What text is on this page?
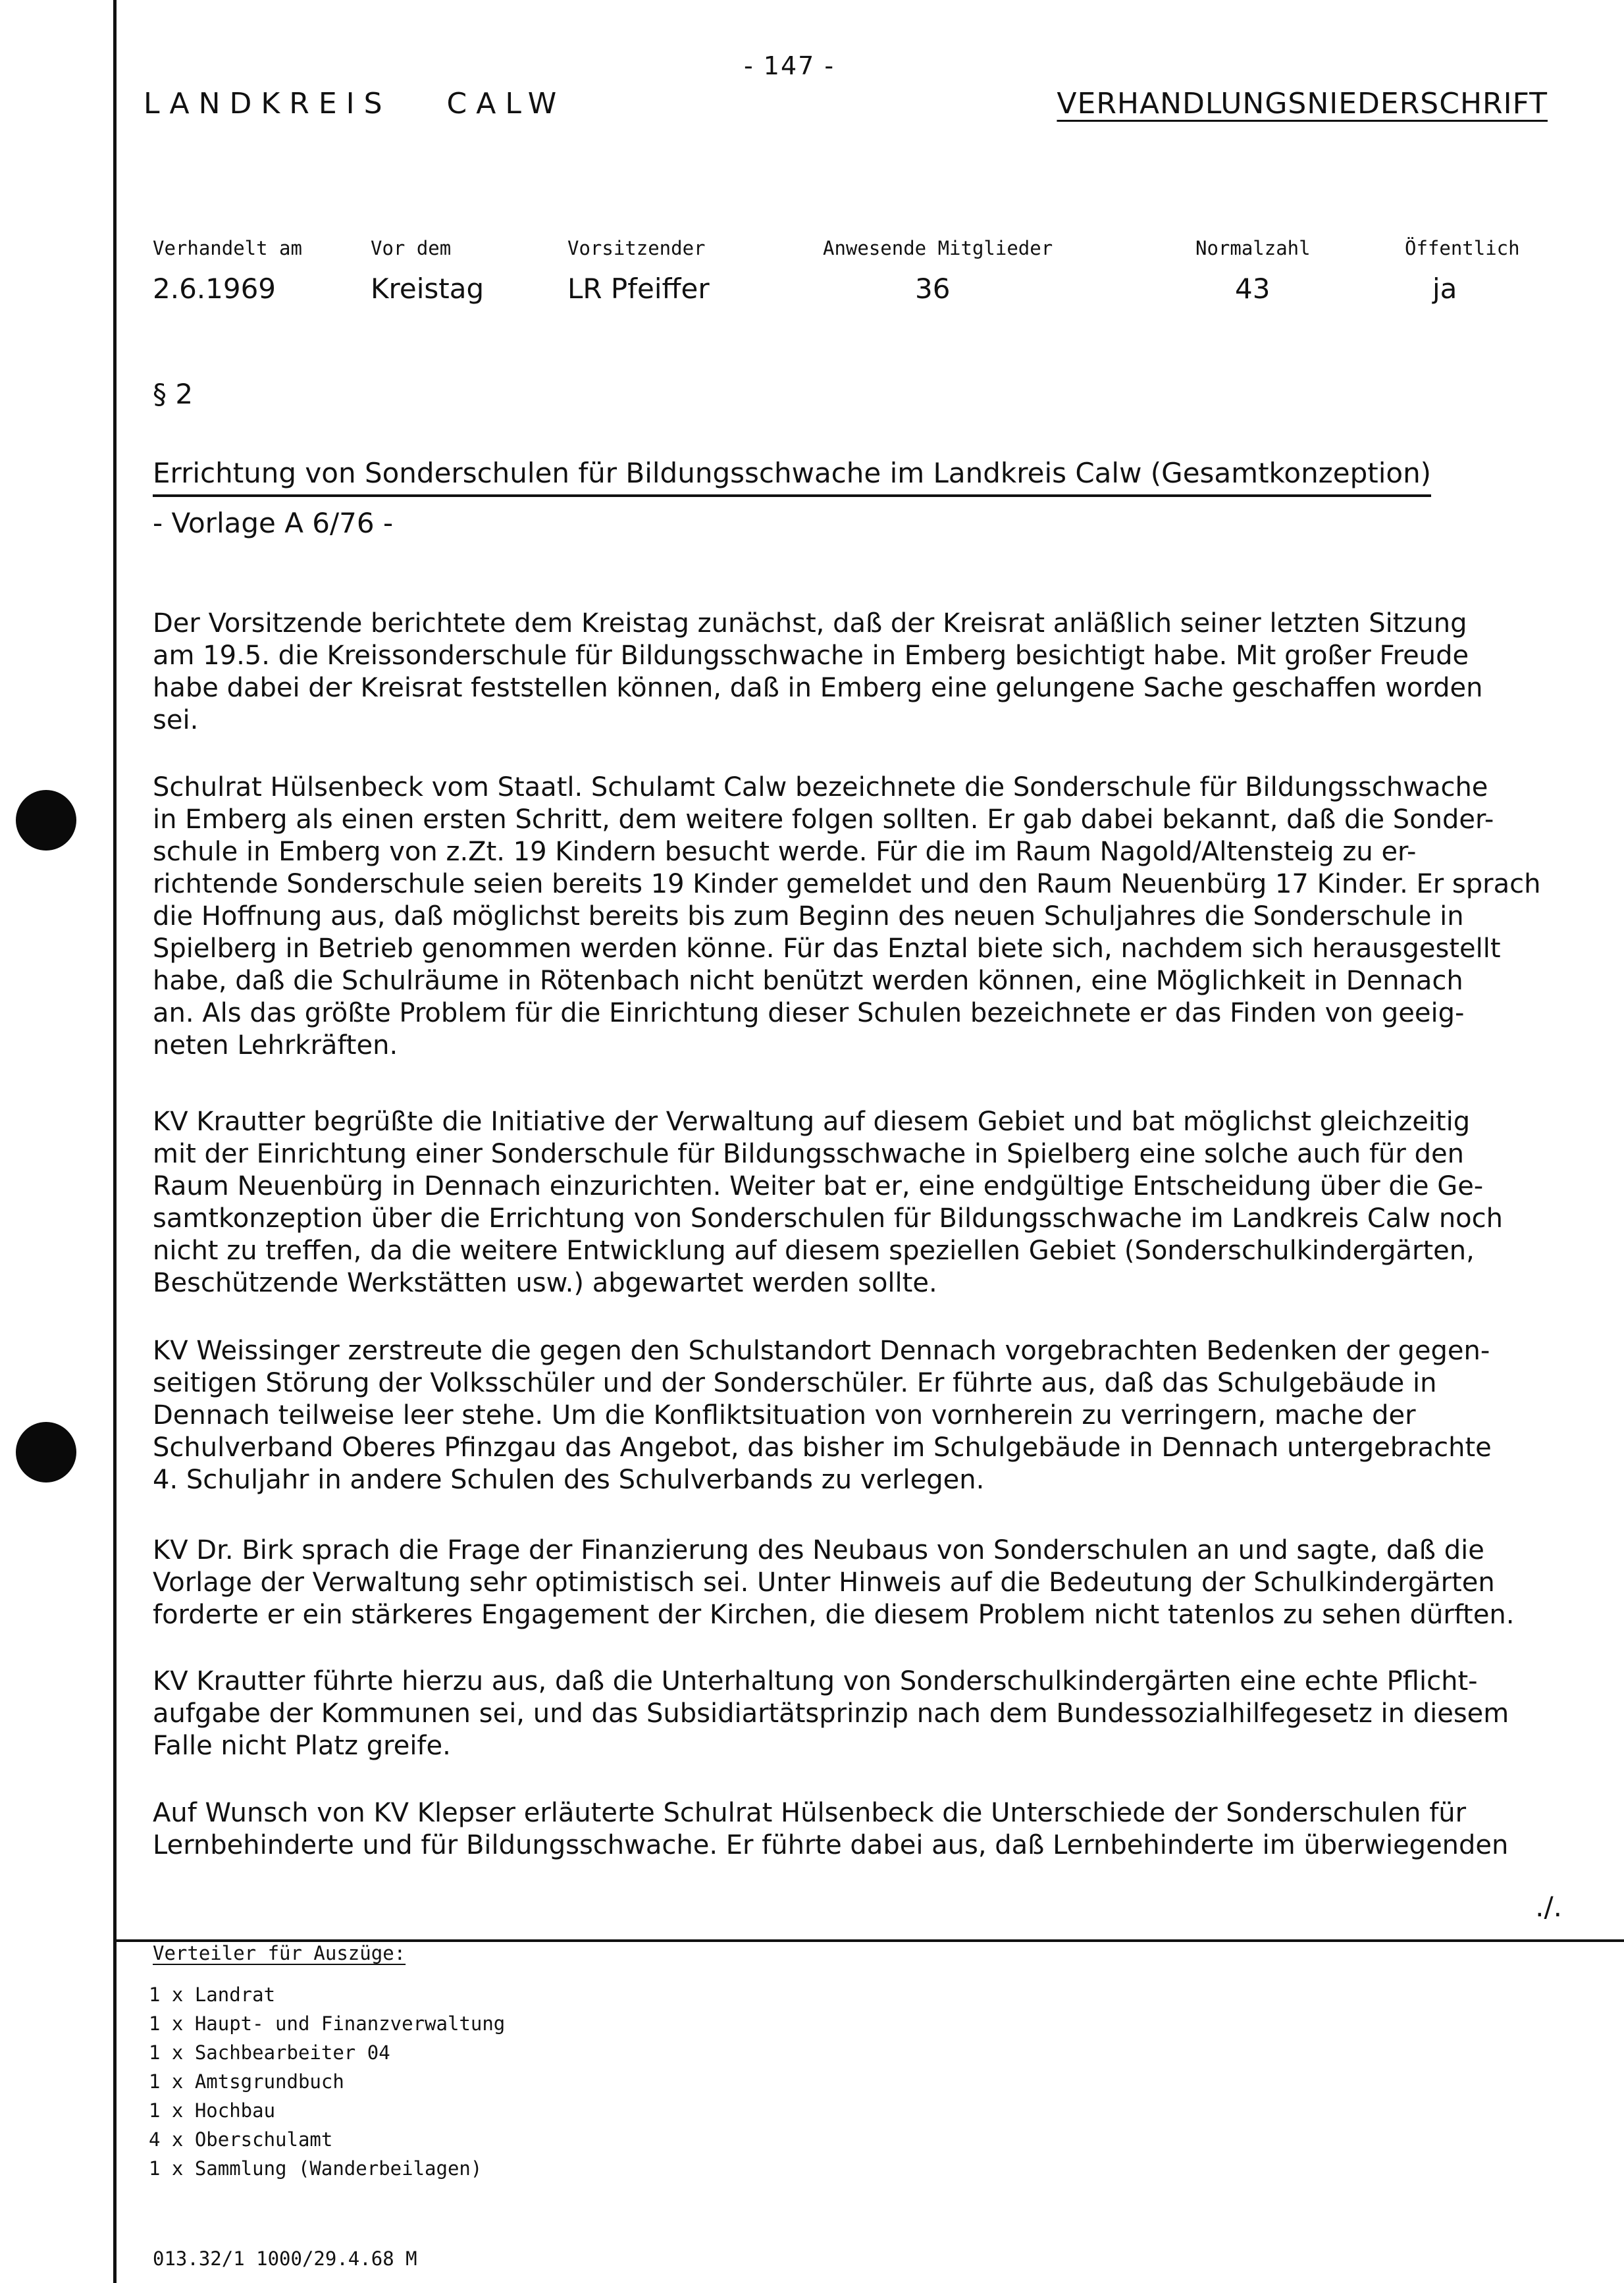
- 147 -
LANDKREIS   CALW	VERHANDLUNGSNIEDERSCHRIFT
Verhandelt am	Vor dem	Vorsitzender	Anwesende Mitglieder	Normalzahl	Öffentlich
2.6.1969	Kreistag	LR Pfeiffer	36	43	ja
§ 2
Errichtung von Sonderschulen für Bildungsschwache im Landkreis Calw (Gesamtkonzeption)
- Vorlage A 6/76 -
Der Vorsitzende berichtete dem Kreistag zunächst, daß der Kreisrat anläßlich seiner letzten Sitzung
am 19.5. die Kreissonderschule für Bildungsschwache in Emberg besichtigt habe. Mit großer Freude
habe dabei der Kreisrat feststellen können, daß in Emberg eine gelungene Sache geschaffen worden
sei.
Schulrat Hülsenbeck vom Staatl. Schulamt Calw bezeichnete die Sonderschule für Bildungsschwache
in Emberg als einen ersten Schritt, dem weitere folgen sollten. Er gab dabei bekannt, daß die Sonder-
schule in Emberg von z.Zt. 19 Kindern besucht werde. Für die im Raum Nagold/Altensteig zu er-
richtende Sonderschule seien bereits 19 Kinder gemeldet und den Raum Neuenbürg 17 Kinder. Er sprach
die Hoffnung aus, daß möglichst bereits bis zum Beginn des neuen Schuljahres die Sonderschule in
Spielberg in Betrieb genommen werden könne. Für das Enztal biete sich, nachdem sich herausgestellt
habe, daß die Schulräume in Rötenbach nicht benützt werden können, eine Möglichkeit in Dennach
an. Als das größte Problem für die Einrichtung dieser Schulen bezeichnete er das Finden von geeig-
neten Lehrkräften.
KV Krautter begrüßte die Initiative der Verwaltung auf diesem Gebiet und bat möglichst gleichzeitig
mit der Einrichtung einer Sonderschule für Bildungsschwache in Spielberg eine solche auch für den
Raum Neuenbürg in Dennach einzurichten. Weiter bat er, eine endgültige Entscheidung über die Ge-
samtkonzeption über die Errichtung von Sonderschulen für Bildungsschwache im Landkreis Calw noch
nicht zu treffen, da die weitere Entwicklung auf diesem speziellen Gebiet (Sonderschulkindergärten,
Beschützende Werkstätten usw.) abgewartet werden sollte.
KV Weissinger zerstreute die gegen den Schulstandort Dennach vorgebrachten Bedenken der gegen-
seitigen Störung der Volksschüler und der Sonderschüler. Er führte aus, daß das Schulgebäude in
Dennach teilweise leer stehe. Um die Konfliktsituation von vornherein zu verringern, mache der
Schulverband Oberes Pfinzgau das Angebot, das bisher im Schulgebäude in Dennach untergebrachte
4. Schuljahr in andere Schulen des Schulverbands zu verlegen.
KV Dr. Birk sprach die Frage der Finanzierung des Neubaus von Sonderschulen an und sagte, daß die
Vorlage der Verwaltung sehr optimistisch sei. Unter Hinweis auf die Bedeutung der Schulkindergärten
forderte er ein stärkeres Engagement der Kirchen, die diesem Problem nicht tatenlos zu sehen dürften.
KV Krautter führte hierzu aus, daß die Unterhaltung von Sonderschulkindergärten eine echte Pflicht-
aufgabe der Kommunen sei, und das Subsidiartätsprinzip nach dem Bundessozialhilfegesetz in diesem
Falle nicht Platz greife.
Auf Wunsch von KV Klepser erläuterte Schulrat Hülsenbeck die Unterschiede der Sonderschulen für
Lernbehinderte und für Bildungsschwache. Er führte dabei aus, daß Lernbehinderte im überwiegenden
./.
Verteiler für Auszüge:
1 x Landrat
1 x Haupt- und Finanzverwaltung
1 x Sachbearbeiter 04
1 x Amtsgrundbuch
1 x Hochbau
4 x Oberschulamt
1 x Sammlung (Wanderbeilagen)
013.32/1 1000/29.4.68 M
